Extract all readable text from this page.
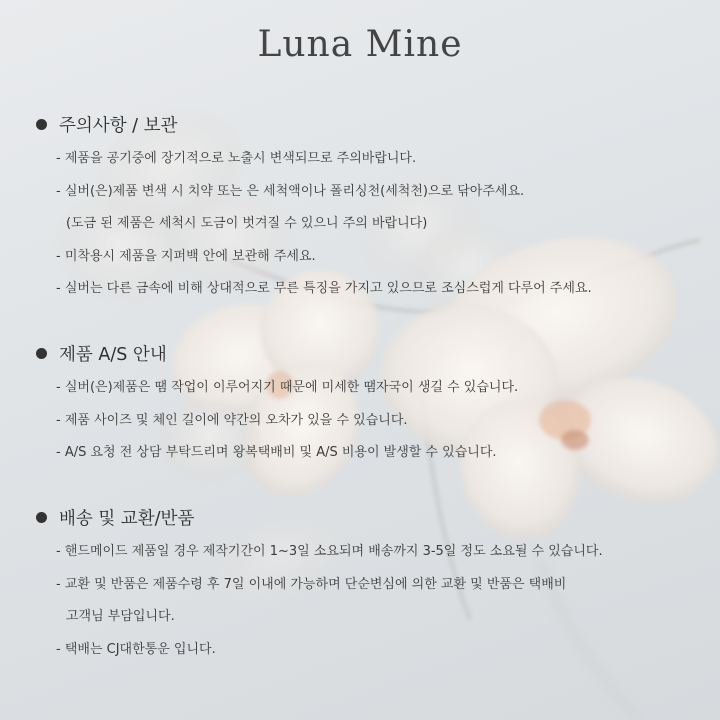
Luna Mine
주의사항 / 보관
- 제품을 공기중에 장기적으로 노출시 변색되므로 주의바랍니다.
- 실버(은)제품 변색 시 치약 또는 은 세척액이나 폴리싱천(세척천)으로 닦아주세요.
(도금 된 제품은 세척시 도금이 벗겨질 수 있으니 주의 바랍니다)
- 미착용시 제품을 지퍼백 안에 보관해 주세요.
- 실버는 다른 금속에 비해 상대적으로 무른 특징을 가지고 있으므로 조심스럽게 다루어 주세요.
제품 A/S 안내
- 실버(은)제품은 땜 작업이 이루어지기 때문에 미세한 땜자국이 생길 수 있습니다.
- 제품 사이즈 및 체인 길이에 약간의 오차가 있을 수 있습니다.
- A/S 요청 전 상담 부탁드리며 왕복택배비 및 A/S 비용이 발생할 수 있습니다.
배송 및 교환/반품
- 핸드메이드 제품일 경우 제작기간이 1~3일 소요되며 배송까지 3-5일 정도 소요될 수 있습니다.
- 교환 및 반품은 제품수령 후 7일 이내에 가능하며 단순변심에 의한 교환 및 반품은 택배비
고객님 부담입니다.
- 택배는 CJ대한통운 입니다.
